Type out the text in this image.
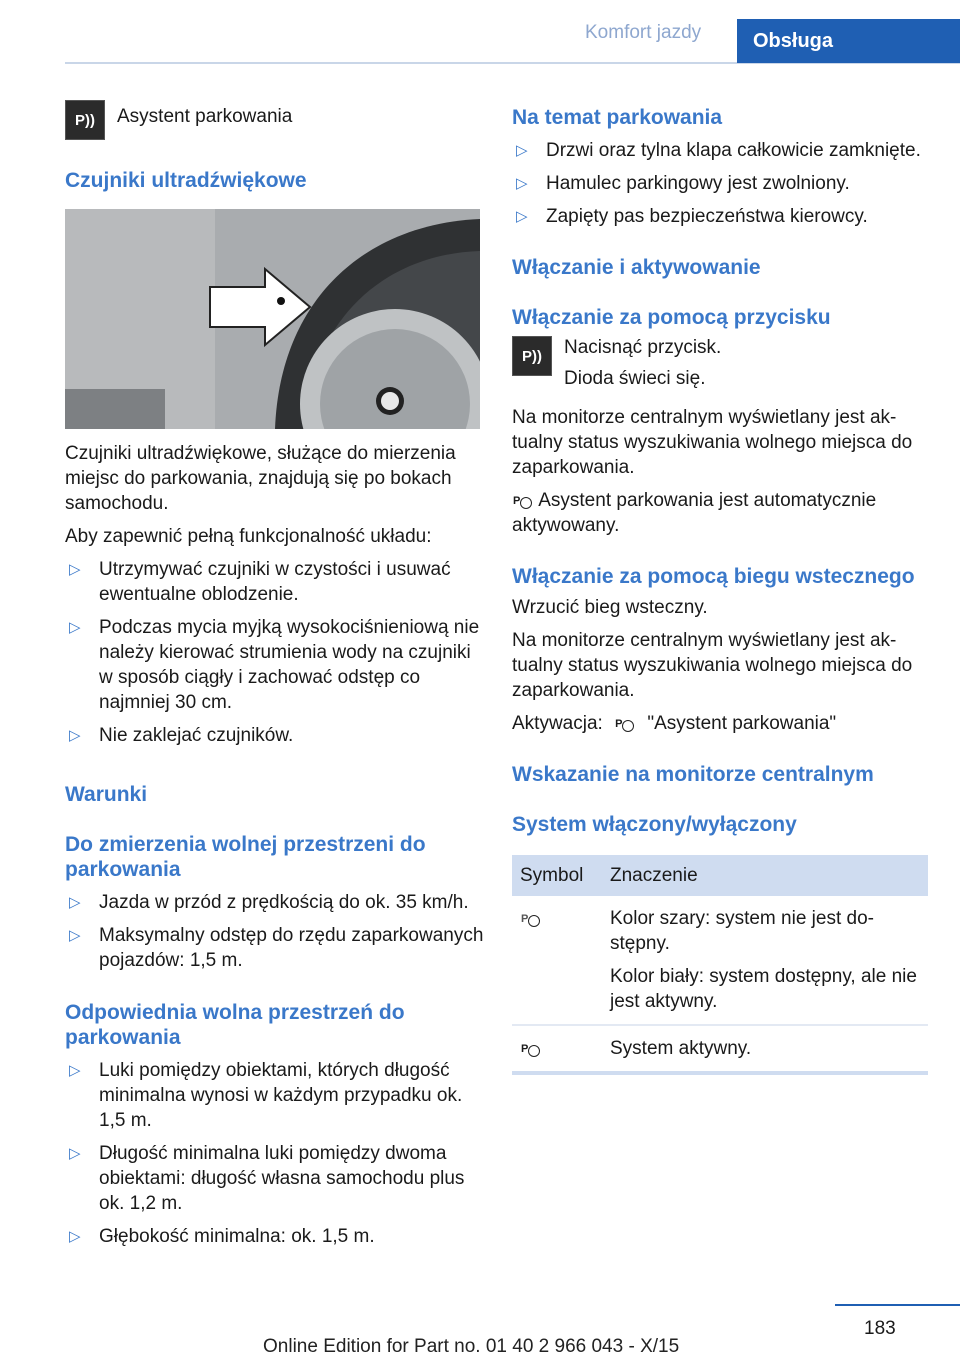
Komfort jazdy	Obsługa
P))	Asystent parkowania
Czujniki ultradźwiękowe

Czujniki ultradźwiękowe, służące do mierzenia miejsc do parkowania, znajdują się po bokach samochodu.

Aby zapewnić pełną funkcjonalność układu:

▷ Utrzymywać czujniki w czystości i usuwać ewentualne oblodzenie.
▷ Podczas mycia myjką wysokociśnieniową nie należy kierować strumienia wody na czujniki w sposób ciągły i zachować odstęp co najmniej 30 cm.
▷ Nie zaklejać czujników.
Warunki
Do zmierzenia wolnej przestrzeni do parkowania
▷ Jazda w przód z prędkością do ok. 35 km/h.
▷ Maksymalny odstęp do rzędu zaparkowanych pojazdów: 1,5 m.
Odpowiednia wolna przestrzeń do parkowania
▷ Luki pomiędzy obiektami, których długość minimalna wynosi w każdym przypadku ok. 1,5 m.
▷ Długość minimalna luki pomiędzy dwoma obiektami: długość własna samochodu plus ok. 1,2 m.
▷ Głębokość minimalna: ok. 1,5 m.
Na temat parkowania
▷ Drzwi oraz tylna klapa całkowicie zamknięte.
▷ Hamulec parkingowy jest zwolniony.
▷ Zapięty pas bezpieczeństwa kierowcy.
Włączanie i aktywowanie
Włączanie za pomocą przycisku
P))	Nacisnąć przycisk.

Dioda świeci się.

Na monitorze centralnym wyświetlany jest aktualny status wyszukiwania wolnego miejsca do zaparkowania.

P Asystent parkowania jest automatycznie aktywowany.

Włączanie za pomocą biegu wstecznego

Wrzucić bieg wsteczny.

Na monitorze centralnym wyświetlany jest aktualny status wyszukiwania wolnego miejsca do zaparkowania.

Aktywacja: P "Asystent parkowania"

Wskazanie na monitorze centralnym
System włączony/wyłączony
Symbol	Znaczenie

P	Kolor szary: system nie jest dostępny.

Kolor biały: system dostępny, ale nie jest aktywny.

P	System aktywny.
183
Online Edition for Part no. 01 40 2 966 043 - X/15
